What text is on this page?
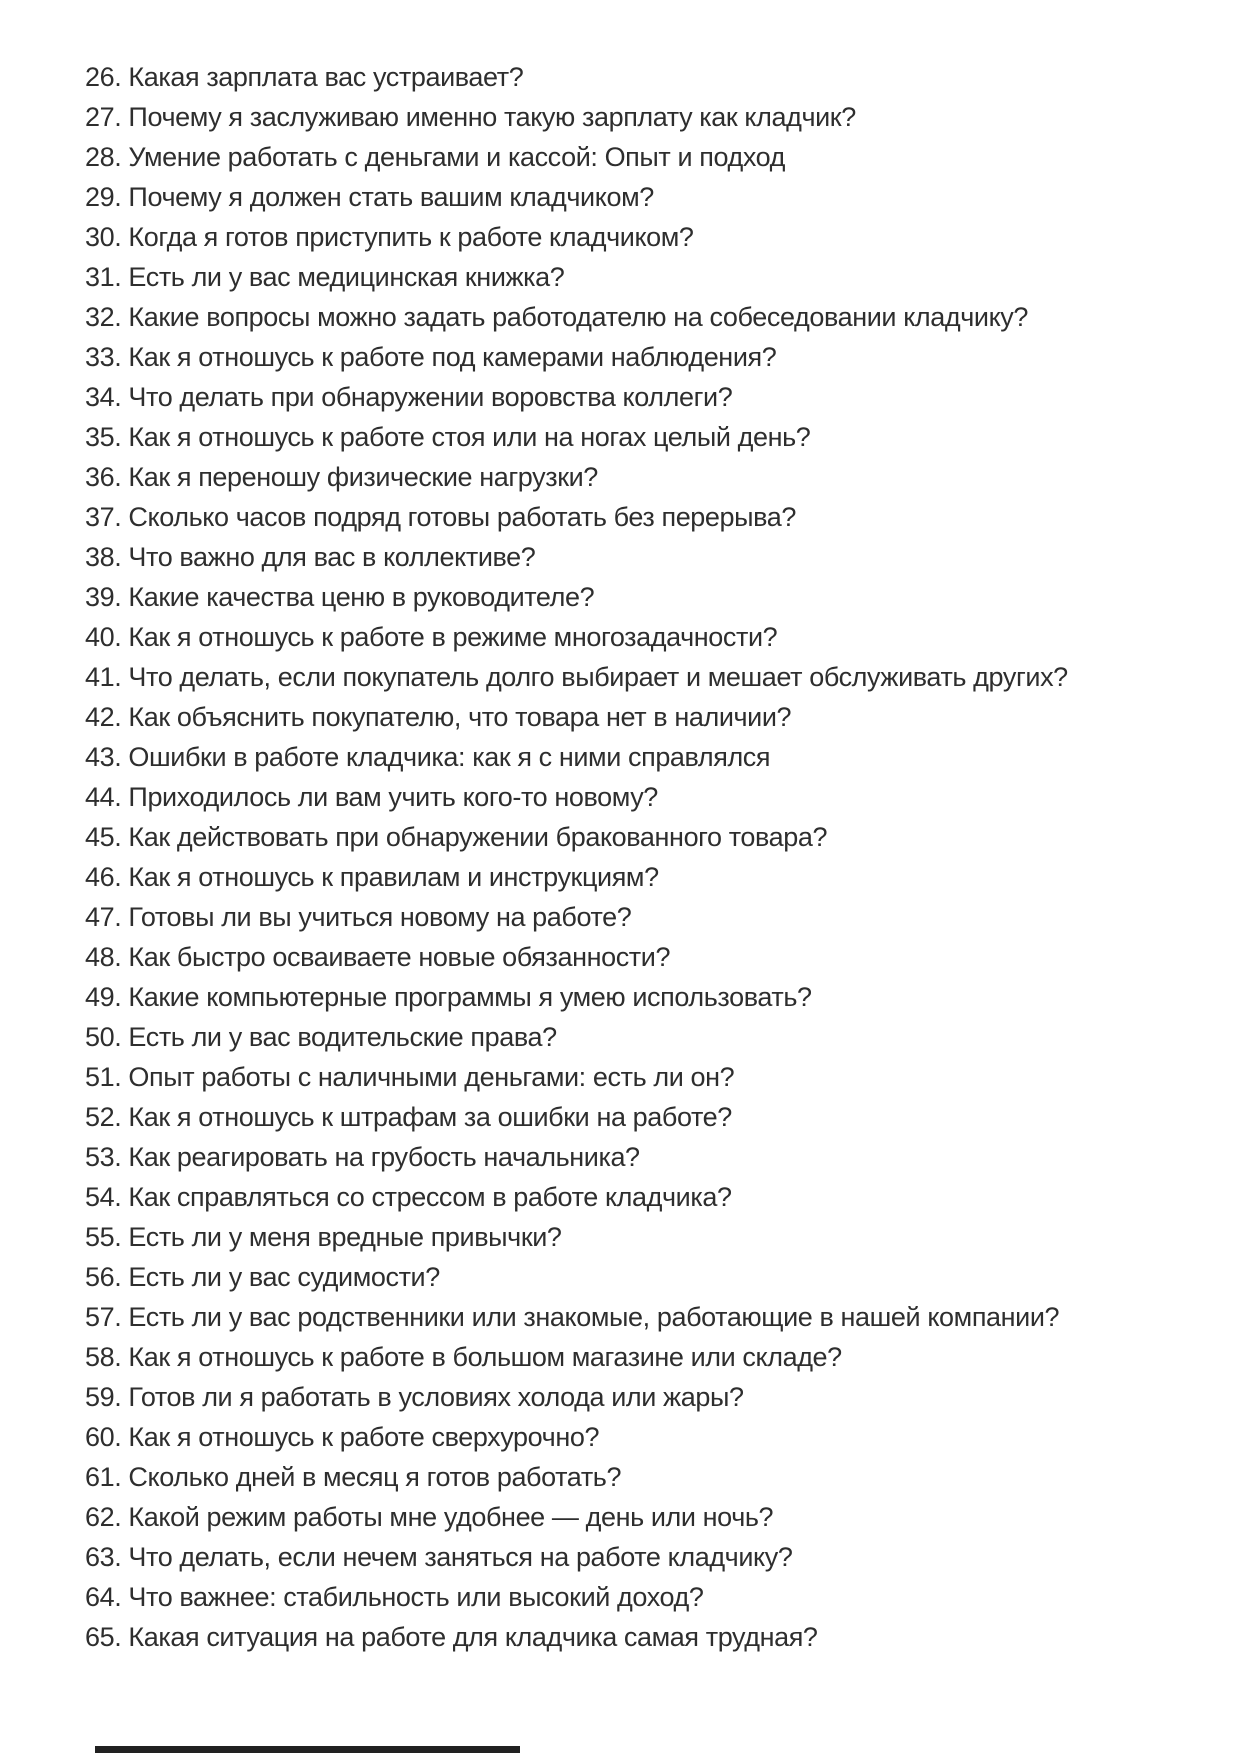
26. Какая зарплата вас устраивает?
27. Почему я заслуживаю именно такую зарплату как кладчик?
28. Умение работать с деньгами и кассой: Опыт и подход
29. Почему я должен стать вашим кладчиком?
30. Когда я готов приступить к работе кладчиком?
31. Есть ли у вас медицинская книжка?
32. Какие вопросы можно задать работодателю на собеседовании кладчику?
33. Как я отношусь к работе под камерами наблюдения?
34. Что делать при обнаружении воровства коллеги?
35. Как я отношусь к работе стоя или на ногах целый день?
36. Как я переношу физические нагрузки?
37. Сколько часов подряд готовы работать без перерыва?
38. Что важно для вас в коллективе?
39. Какие качества ценю в руководителе?
40. Как я отношусь к работе в режиме многозадачности?
41. Что делать, если покупатель долго выбирает и мешает обслуживать других?
42. Как объяснить покупателю, что товара нет в наличии?
43. Ошибки в работе кладчика: как я с ними справлялся
44. Приходилось ли вам учить кого-то новому?
45. Как действовать при обнаружении бракованного товара?
46. Как я отношусь к правилам и инструкциям?
47. Готовы ли вы учиться новому на работе?
48. Как быстро осваиваете новые обязанности?
49. Какие компьютерные программы я умею использовать?
50. Есть ли у вас водительские права?
51. Опыт работы с наличными деньгами: есть ли он?
52. Как я отношусь к штрафам за ошибки на работе?
53. Как реагировать на грубость начальника?
54. Как справляться со стрессом в работе кладчика?
55. Есть ли у меня вредные привычки?
56. Есть ли у вас судимости?
57. Есть ли у вас родственники или знакомые, работающие в нашей компании?
58. Как я отношусь к работе в большом магазине или складе?
59. Готов ли я работать в условиях холода или жары?
60. Как я отношусь к работе сверхурочно?
61. Сколько дней в месяц я готов работать?
62. Какой режим работы мне удобнее — день или ночь?
63. Что делать, если нечем заняться на работе кладчику?
64. Что важнее: стабильность или высокий доход?
65. Какая ситуация на работе для кладчика самая трудная?
